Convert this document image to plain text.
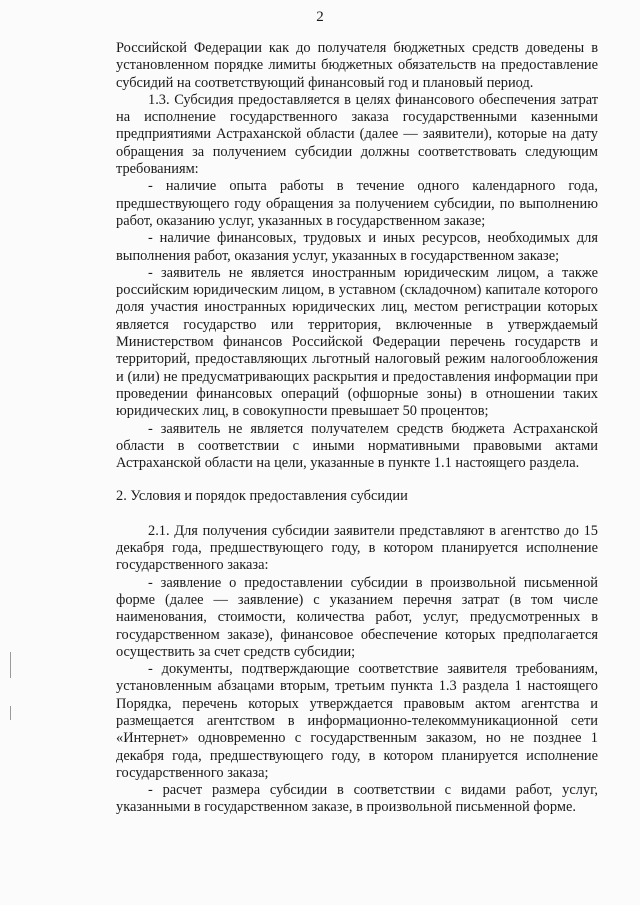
2

Российской Федерации как до получателя бюджетных средств доведены в установленном порядке лимиты бюджетных обязательств на предоставление субсидий на соответствующий финансовый год и плановый период.

1.3. Субсидия предоставляется в целях финансового обеспечения затрат на исполнение государственного заказа государственными казенными предприятиями Астраханской области (далее — заявители), которые на дату обращения за получением субсидии должны соответствовать следующим требованиям:

- наличие опыта работы в течение одного календарного года, предшествующего году обращения за получением субсидии, по выполнению работ, оказанию услуг, указанных в государственном заказе;

- наличие финансовых, трудовых и иных ресурсов, необходимых для выполнения работ, оказания услуг, указанных в государственном заказе;

- заявитель не является иностранным юридическим лицом, а также российским юридическим лицом, в уставном (складочном) капитале которого доля участия иностранных юридических лиц, местом регистрации которых является государство или территория, включенные в утверждаемый Министерством финансов Российской Федерации перечень государств и территорий, предоставляющих льготный налоговый режим налогообложения и (или) не предусматривающих раскрытия и предоставления информации при проведении финансовых операций (офшорные зоны) в отношении таких юридических лиц, в совокупности превышает 50 процентов;

- заявитель не является получателем средств бюджета Астраханской области в соответствии с иными нормативными правовыми актами Астраханской области на цели, указанные в пункте 1.1 настоящего раздела.

2. Условия и порядок предоставления субсидии

2.1. Для получения субсидии заявители представляют в агентство до 15 декабря года, предшествующего году, в котором планируется исполнение государственного заказа:

- заявление о предоставлении субсидии в произвольной письменной форме (далее — заявление) с указанием перечня затрат (в том числе наименования, стоимости, количества работ, услуг, предусмотренных в государственном заказе), финансовое обеспечение которых предполагается осуществить за счет средств субсидии;

- документы, подтверждающие соответствие заявителя требованиям, установленным абзацами вторым, третьим пункта 1.3 раздела 1 настоящего Порядка, перечень которых утверждается правовым актом агентства и размещается агентством в информационно-телекоммуникационной сети «Интернет» одновременно с государственным заказом, но не позднее 1 декабря года, предшествующего году, в котором планируется исполнение государственного заказа;

- расчет размера субсидии в соответствии с видами работ, услуг, указанными в государственном заказе, в произвольной письменной форме.
